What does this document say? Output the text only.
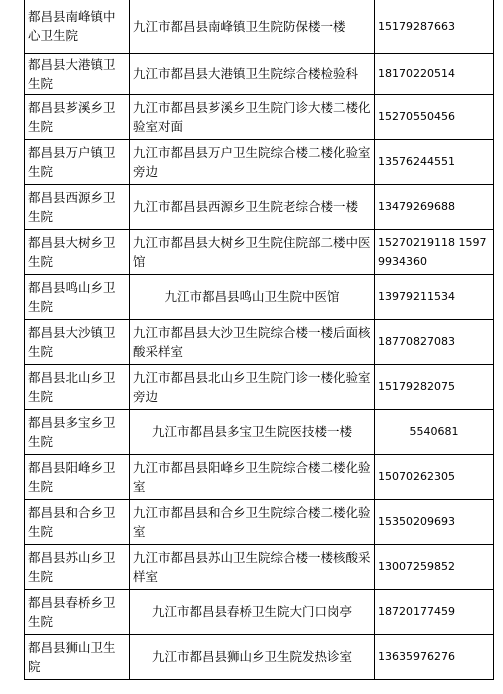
都昌县南峰镇中心卫生院	九江市都昌县南峰镇卫生院防保楼一楼	15179287663
都昌县大港镇卫生院	九江市都昌县大港镇卫生院综合楼检验科	18170220514
都昌县芗溪乡卫生院	九江市都昌县芗溪乡卫生院门诊大楼二楼化验室对面	15270550456
都昌县万户镇卫生院	九江市都昌县万户卫生院综合楼二楼化验室旁边	13576244551
都昌县西源乡卫生院	九江市都昌县西源乡卫生院老综合楼一楼	13479269688
都昌县大树乡卫生院	九江市都昌县大树乡卫生院住院部二楼中医馆	15270219118 15979934360
都昌县鸣山乡卫生院	九江市都昌县鸣山卫生院中医馆	13979211534
都昌县大沙镇卫生院	九江市都昌县大沙卫生院综合楼一楼后面核酸采样室	18770827083
都昌县北山乡卫生院	九江市都昌县北山乡卫生院门诊一楼化验室旁边	15179282075
都昌县多宝乡卫生院	九江市都昌县多宝卫生院医技楼一楼	5540681
都昌县阳峰乡卫生院	九江市都昌县阳峰乡卫生院综合楼二楼化验室	15070262305
都昌县和合乡卫生院	九江市都昌县和合乡卫生院综合楼二楼化验室	15350209693
都昌县苏山乡卫生院	九江市都昌县苏山卫生院综合楼一楼核酸采样室	13007259852
都昌县春桥乡卫生院	九江市都昌县春桥卫生院大门口岗亭	18720177459
都昌县狮山卫生院	九江市都昌县狮山乡卫生院发热诊室	13635976276
